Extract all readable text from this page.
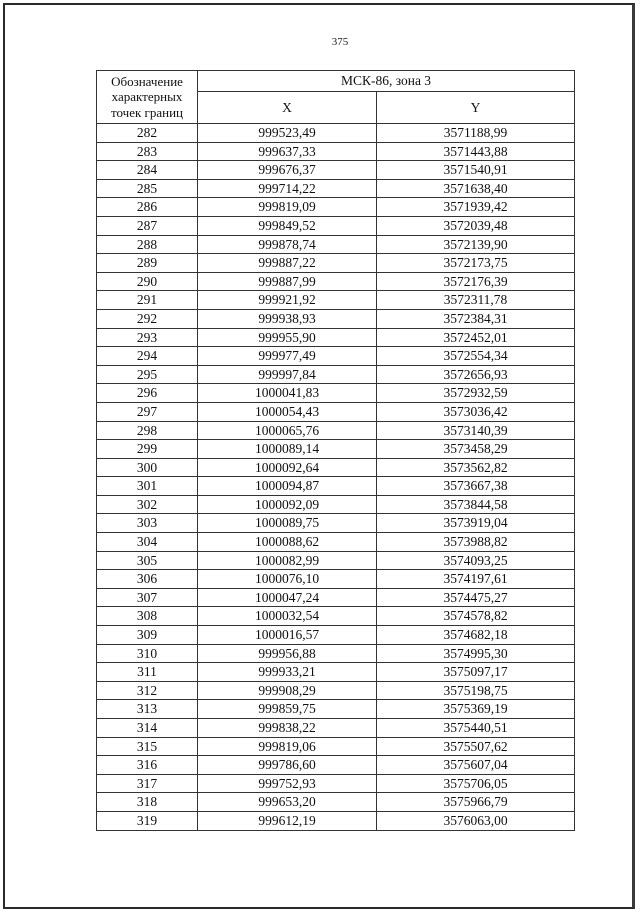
375
Обозначение характерных точек границ	МСК-86, зона 3	
	X	Y
282	999523,49	3571188,99
283	999637,33	3571443,88
284	999676,37	3571540,91
285	999714,22	3571638,40
286	999819,09	3571939,42
287	999849,52	3572039,48
288	999878,74	3572139,90
289	999887,22	3572173,75
290	999887,99	3572176,39
291	999921,92	3572311,78
292	999938,93	3572384,31
293	999955,90	3572452,01
294	999977,49	3572554,34
295	999997,84	3572656,93
296	1000041,83	3572932,59
297	1000054,43	3573036,42
298	1000065,76	3573140,39
299	1000089,14	3573458,29
300	1000092,64	3573562,82
301	1000094,87	3573667,38
302	1000092,09	3573844,58
303	1000089,75	3573919,04
304	1000088,62	3573988,82
305	1000082,99	3574093,25
306	1000076,10	3574197,61
307	1000047,24	3574475,27
308	1000032,54	3574578,82
309	1000016,57	3574682,18
310	999956,88	3574995,30
311	999933,21	3575097,17
312	999908,29	3575198,75
313	999859,75	3575369,19
314	999838,22	3575440,51
315	999819,06	3575507,62
316	999786,60	3575607,04
317	999752,93	3575706,05
318	999653,20	3575966,79
319	999612,19	3576063,00
